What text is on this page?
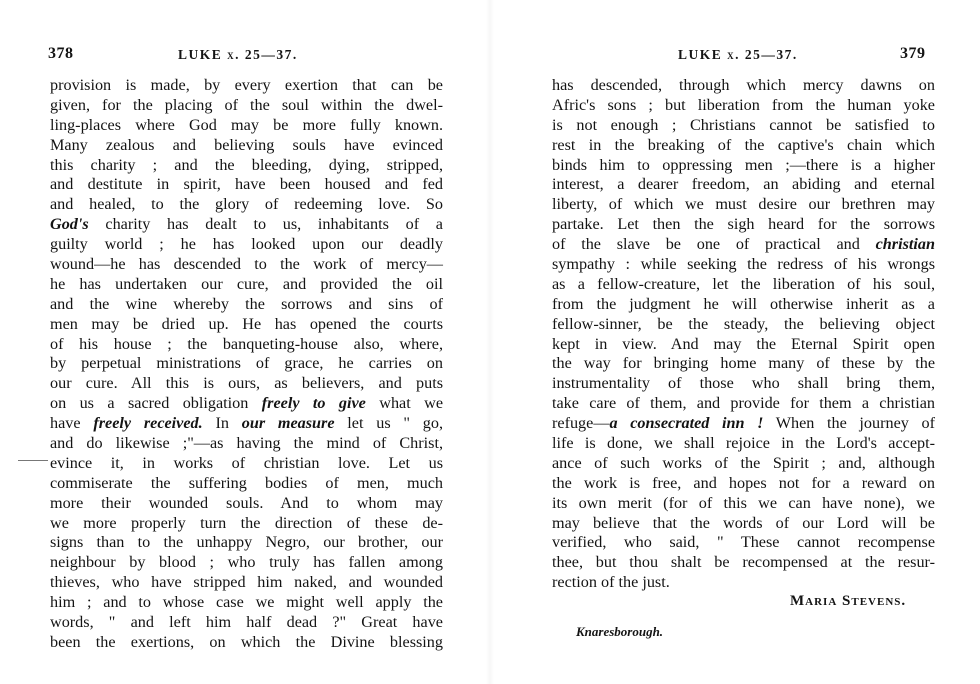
378	LUKE x. 25—37.
provision is made, by every exertion that can be
given, for the placing of the soul within the dwel-
ling-places where God may be more fully known.
Many zealous and believing souls have evinced
this charity ; and the bleeding, dying, stripped,
and destitute in spirit, have been housed and fed
and healed, to the glory of redeeming love. So
God's charity has dealt to us, inhabitants of a
guilty world ; he has looked upon our deadly
wound—he has descended to the work of mercy—
he has undertaken our cure, and provided the oil
and the wine whereby the sorrows and sins of
men may be dried up. He has opened the courts
of his house ; the banqueting-house also, where,
by perpetual ministrations of grace, he carries on
our cure. All this is ours, as believers, and puts
on us a sacred obligation freely to give what we
have freely received. In our measure let us " go,
and do likewise ;"—as having the mind of Christ,
evince it, in works of christian love. Let us
commiserate the suffering bodies of men, much
more their wounded souls. And to whom may
we more properly turn the direction of these de-
signs than to the unhappy Negro, our brother, our
neighbour by blood ; who truly has fallen among
thieves, who have stripped him naked, and wounded
him ; and to whose case we might well apply the
words, " and left him half dead ?" Great have
been the exertions, on which the Divine blessing
LUKE x. 25—37.	379
has descended, through which mercy dawns on
Afric's sons ; but liberation from the human yoke
is not enough ; Christians cannot be satisfied to
rest in the breaking of the captive's chain which
binds him to oppressing men ;—there is a higher
interest, a dearer freedom, an abiding and eternal
liberty, of which we must desire our brethren may
partake. Let then the sigh heard for the sorrows
of the slave be one of practical and christian
sympathy : while seeking the redress of his wrongs
as a fellow-creature, let the liberation of his soul,
from the judgment he will otherwise inherit as a
fellow-sinner, be the steady, the believing object
kept in view. And may the Eternal Spirit open
the way for bringing home many of these by the
instrumentality of those who shall bring them,
take care of them, and provide for them a christian
refuge—a consecrated inn ! When the journey of
life is done, we shall rejoice in the Lord's accept-
ance of such works of the Spirit ; and, although
the work is free, and hopes not for a reward on
its own merit (for of this we can have none), we
may believe that the words of our Lord will be
verified, who said, " These cannot recompense
thee, but thou shalt be recompensed at the resur-
rection of the just.
Maria Stevens.
Knaresborough.
